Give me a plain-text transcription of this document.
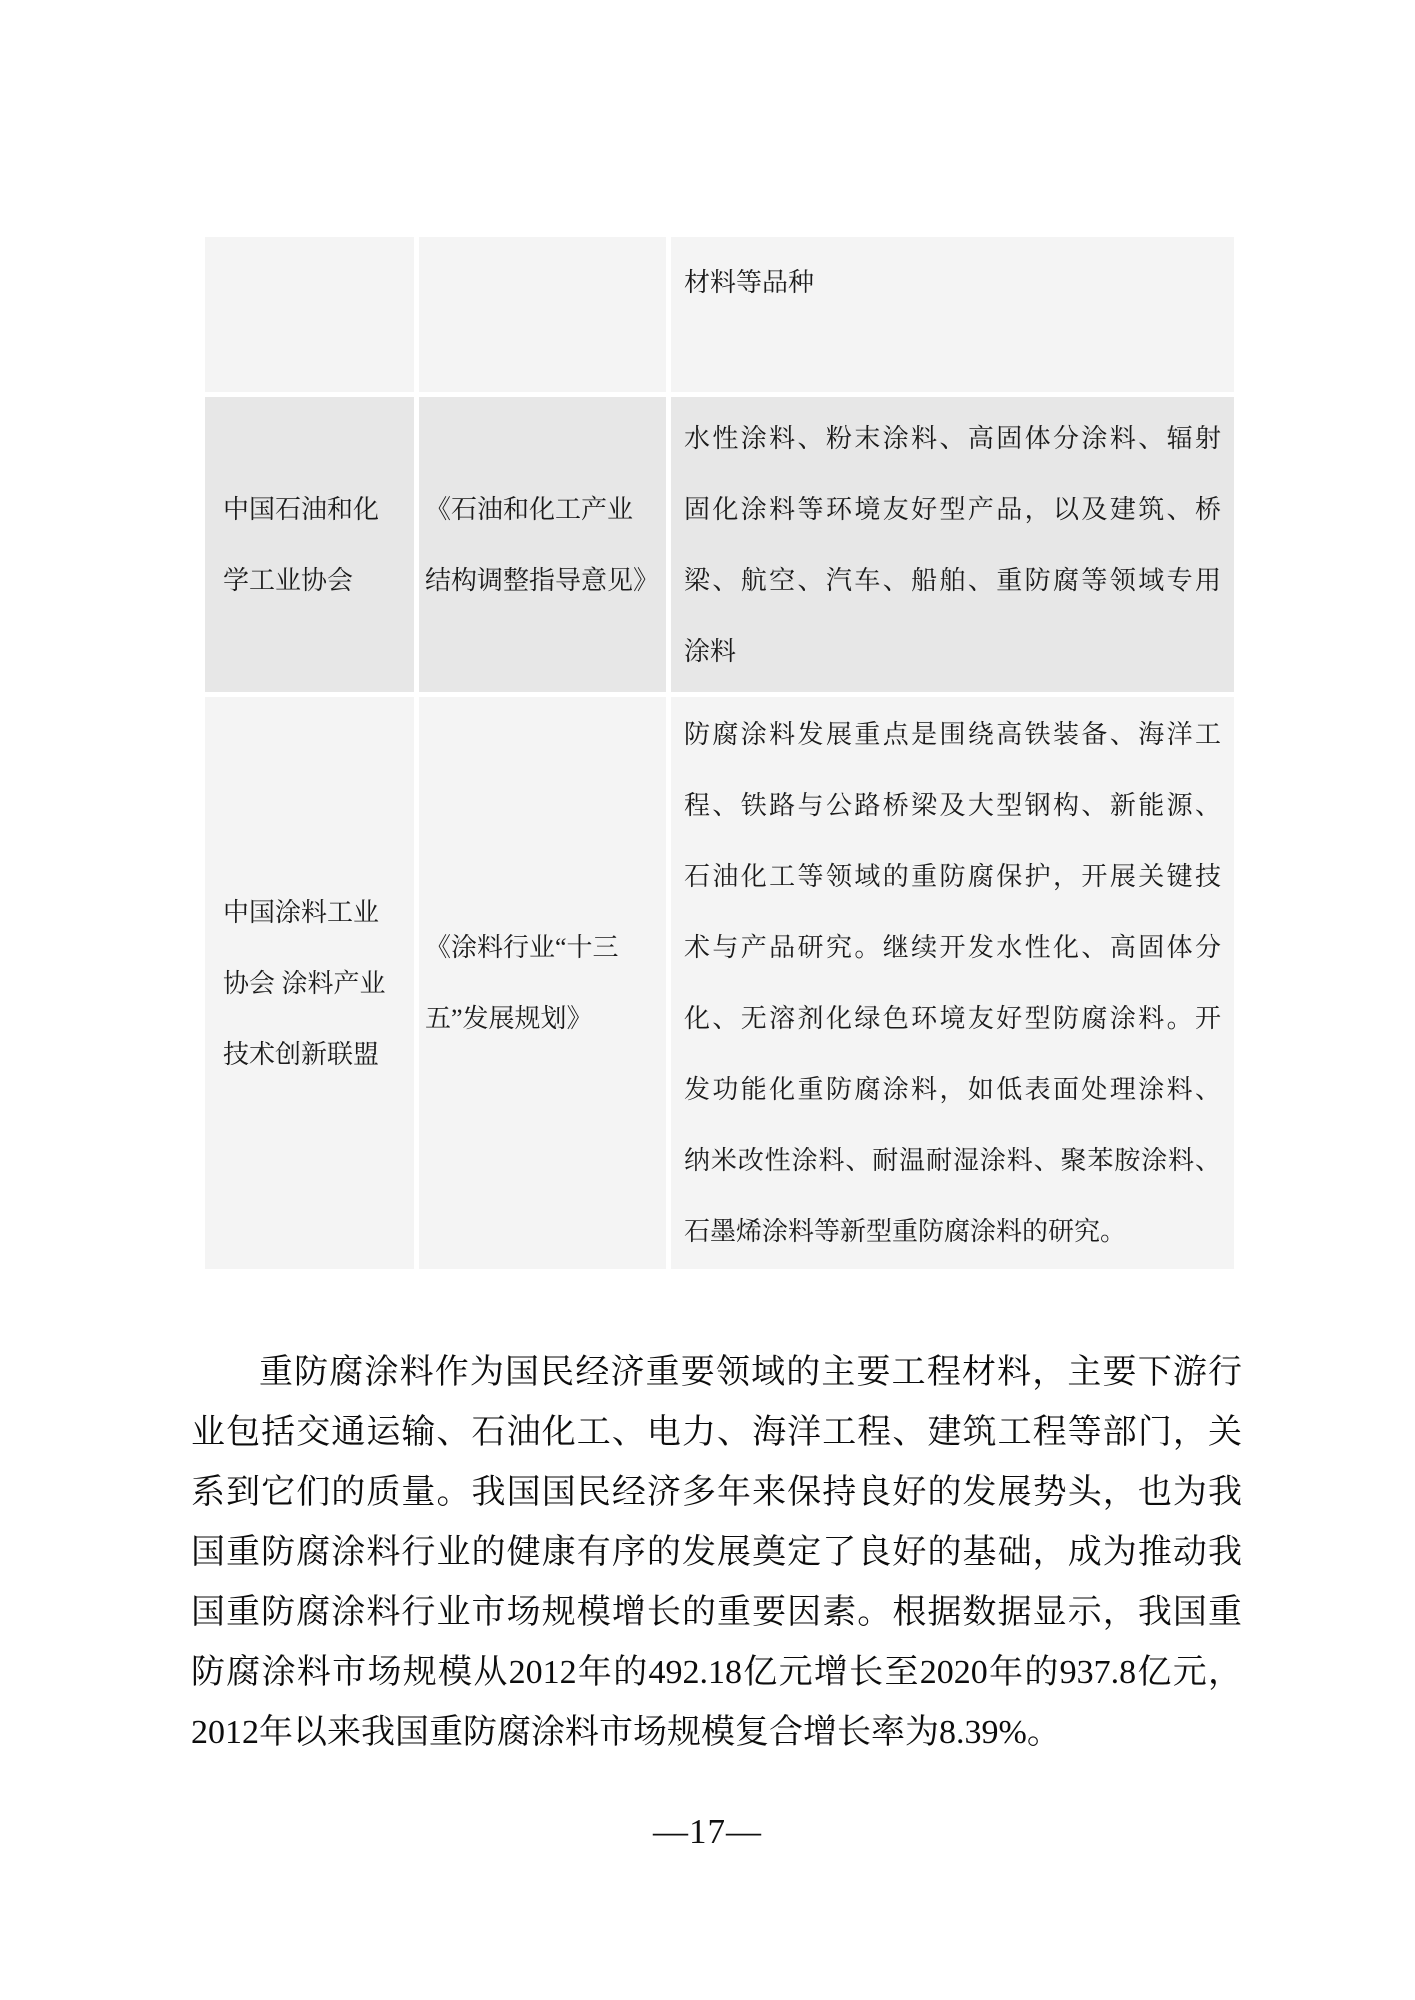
材料等品种
中国石油和化
学工业协会
《石油和化工产业
结构调整指导意见》
水性涂料、粉末涂料、高固体分涂料、辐射
固化涂料等环境友好型产品，以及建筑、桥
梁、航空、汽车、船舶、重防腐等领域专用
涂料
中国涂料工业
协会 涂料产业
技术创新联盟
《涂料行业“十三
五”发展规划》
防腐涂料发展重点是围绕高铁装备、海洋工
程、铁路与公路桥梁及大型钢构、新能源、
石油化工等领域的重防腐保护，开展关键技
术与产品研究。继续开发水性化、高固体分
化、无溶剂化绿色环境友好型防腐涂料。开
发功能化重防腐涂料，如低表面处理涂料、
纳米改性涂料、耐温耐湿涂料、聚苯胺涂料、
石墨烯涂料等新型重防腐涂料的研究。
重防腐涂料作为国民经济重要领域的主要工程材料，主要下游行
业包括交通运输、石油化工、电力、海洋工程、建筑工程等部门，关
系到它们的质量。我国国民经济多年来保持良好的发展势头，也为我
国重防腐涂料行业的健康有序的发展奠定了良好的基础，成为推动我
国重防腐涂料行业市场规模增长的重要因素。根据数据显示，我国重
防腐涂料市场规模从2012年的492.18亿元增长至2020年的937.8亿元，
2012年以来我国重防腐涂料市场规模复合增长率为8.39%。
—17—
